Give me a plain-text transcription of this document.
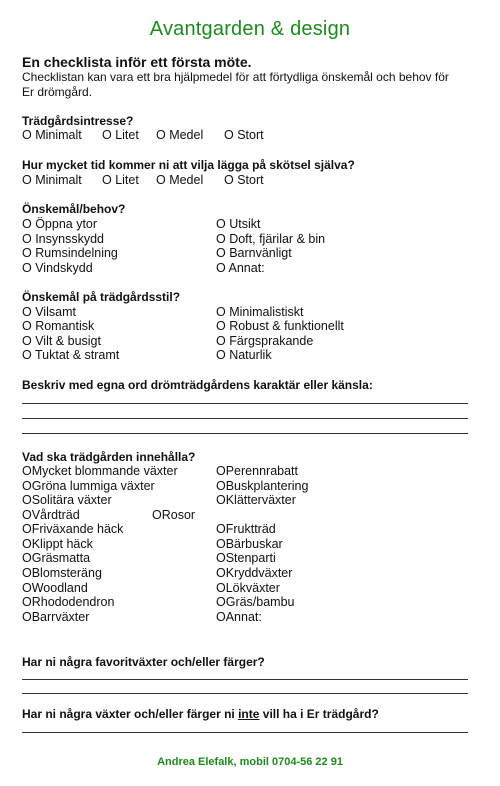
Avantgarden & design
En checklista inför ett första möte.
Checklistan kan vara ett bra hjälpmedel för att förtydliga önskemål och behov för Er drömgård.
Trädgårdsintresse?
O Minimalt O Litet O Medel O Stort
Hur mycket tid kommer ni att vilja lägga på skötsel själva?
O Minimalt O Litet O Medel O Stort
Önskemål/behov?
O Öppna ytor
O Insynsskydd
O Rumsindelning
O Vindskydd
O Utsikt
O Doft, fjärilar & bin
O Barnvänligt
O Annat:
Önskemål på trädgårdsstil?
O Vilsamt
O Romantisk
O Vilt & busigt
O Tuktat & stramt
O Minimalistiskt
O Robust & funktionellt
O Färgsprakande
O Naturlik
Beskriv med egna ord drömträdgårdens karaktär eller känsla:
Vad ska trädgården innehålla?
OMycket blommande växter
OGröna lummiga växter
OSolitära växter
OVårdträd
OFriväxande häck
OKlippt häck
OGräsmatta
OBlomsteräng
OWoodland
ORhododendron
OBarrväxter
ORosor
OPerennrabatt
OBuskplantering
OKlätterväxter
OFruktträd
OBärbuskar
OStenparti
OKryddväxter
OLökväxter
OGräs/bambu
OAnnat:
Har ni några favoritväxter och/eller färger?
Har ni några växter och/eller färger ni inte vill ha i Er trädgård?
Andrea Elefalk, mobil 0704-56 22 91
